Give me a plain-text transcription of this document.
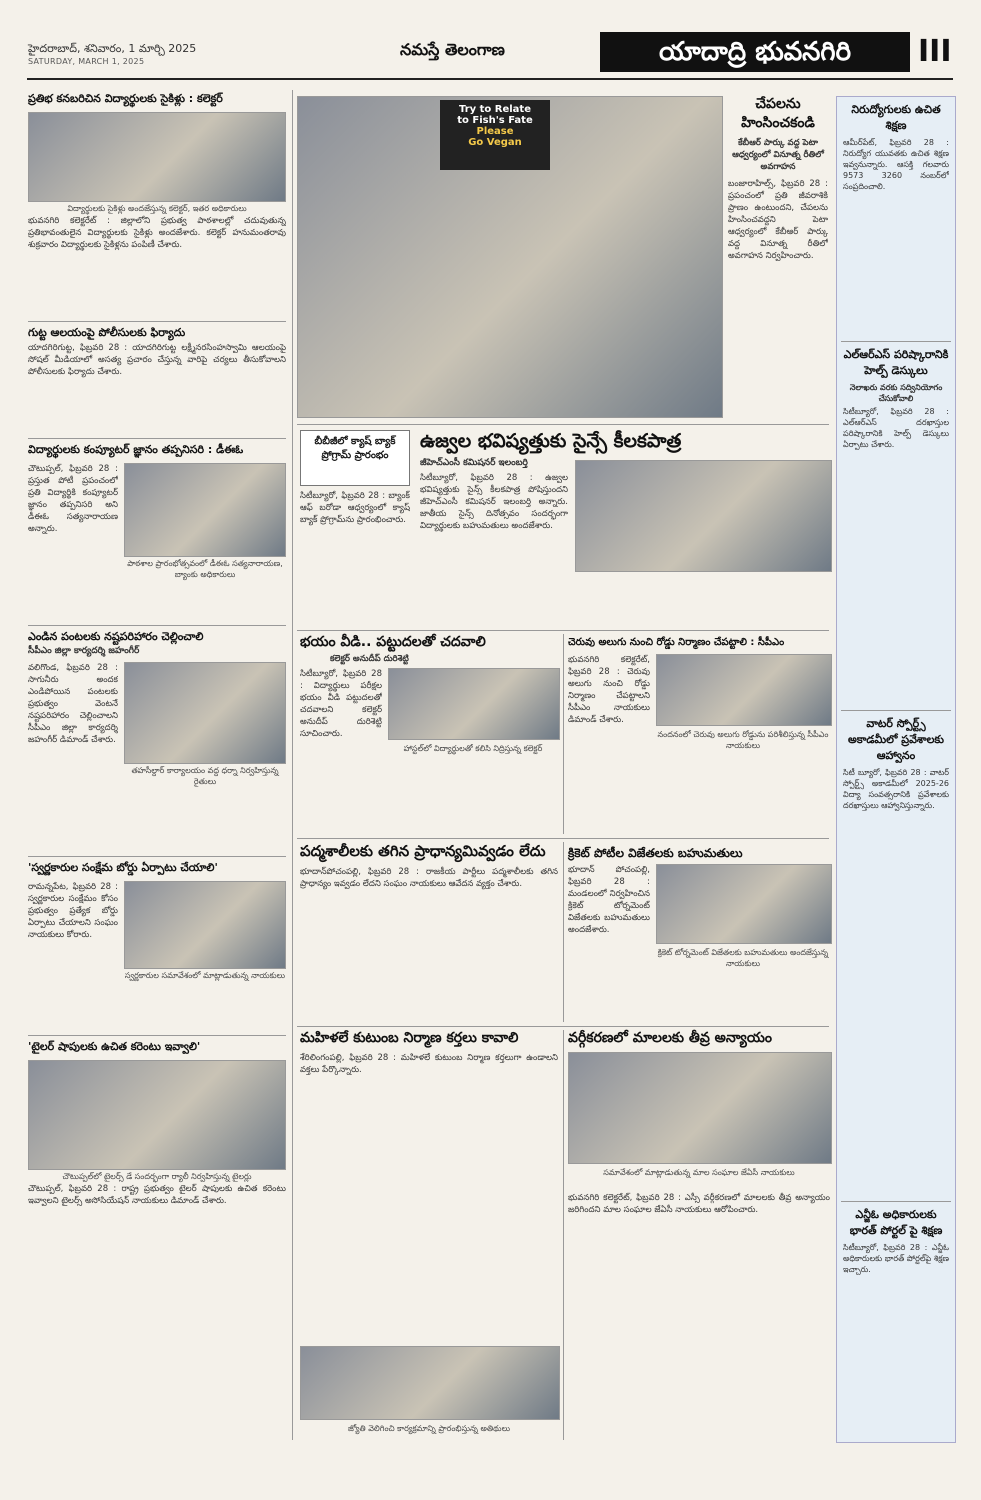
హైదరాబాద్, శనివారం, 1 మార్చి 2025
SATURDAY, MARCH 1, 2025
నమస్తే తెలంగాణ	యాదాద్రి భువనగిరి	III
ప్రతిభ కనబరిచిన విద్యార్థులకు సైకిళ్లు : కలెక్టర్
విద్యార్థులకు సైకిళ్లు అందజేస్తున్న కలెక్టర్, ఇతర అధికారులు
భువనగిరి కలెక్టరేట్ : జిల్లాలోని ప్రభుత్వ పాఠశాలల్లో చదువుతున్న ప్రతిభావంతులైన విద్యార్థులకు సైకిళ్లు అందజేశారు. కలెక్టర్ హనుమంతరావు శుక్రవారం విద్యార్థులకు సైకిళ్లను పంపిణీ చేశారు.
గుట్ట ఆలయంపై పోలీసులకు ఫిర్యాదు
యాదగిరిగుట్ట, ఫిబ్రవరి 28 : యాదగిరిగుట్ట లక్ష్మీనరసింహస్వామి ఆలయంపై సోషల్ మీడియాలో అసత్య ప్రచారం చేస్తున్న వారిపై చర్యలు తీసుకోవాలని పోలీసులకు ఫిర్యాదు చేశారు.
విద్యార్థులకు కంప్యూటర్ జ్ఞానం తప్పనిసరి : డీఈఓ
చౌటుప్పల్, ఫిబ్రవరి 28 : ప్రస్తుత పోటీ ప్రపంచంలో ప్రతి విద్యార్థికి కంప్యూటర్ జ్ఞానం తప్పనిసరి అని డీఈఓ సత్యనారాయణ అన్నారు.
పాఠశాల ప్రారంభోత్సవంలో డీఈఓ సత్యనారాయణ, బ్యాంకు అధికారులు
ఎండిన పంటలకు నష్టపరిహారం చెల్లించాలి
సీపీఎం జిల్లా కార్యదర్శి జహంగీర్
వలిగొండ, ఫిబ్రవరి 28 : సాగునీరు అందక ఎండిపోయిన పంటలకు ప్రభుత్వం వెంటనే నష్టపరిహారం చెల్లించాలని సీపీఎం జిల్లా కార్యదర్శి జహంగీర్ డిమాండ్ చేశారు.
తహసీల్దార్ కార్యాలయం వద్ద ధర్నా నిర్వహిస్తున్న రైతులు
'స్వర్ణకారుల సంక్షేమ బోర్డు ఏర్పాటు చేయాలి'
రామన్నపేట, ఫిబ్రవరి 28 : స్వర్ణకారుల సంక్షేమం కోసం ప్రభుత్వం ప్రత్యేక బోర్డు ఏర్పాటు చేయాలని సంఘం నాయకులు కోరారు.
స్వర్ణకారుల సమావేశంలో మాట్లాడుతున్న నాయకులు
'టైలర్ షాపులకు ఉచిత కరెంటు ఇవ్వాలి'
చౌటుప్పల్‌లో టైలర్స్ డే సందర్భంగా ర్యాలీ నిర్వహిస్తున్న టైలర్లు
చౌటుప్పల్, ఫిబ్రవరి 28 : రాష్ట్ర ప్రభుత్వం టైలర్ షాపులకు ఉచిత కరెంటు ఇవ్వాలని టైలర్స్ అసోసియేషన్ నాయకులు డిమాండ్ చేశారు.
Try to Relate
to Fish's Fate
Please
Go Vegan
చేపలను
హింసించకండి
కేబీఆర్ పార్కు వద్ద పెటా ఆధ్వర్యంలో వినూత్న రీతిలో అవగాహన
బంజారాహిల్స్, ఫిబ్రవరి 28 : ప్రపంచంలో ప్రతి జీవరాశికి ప్రాణం ఉంటుందని, చేపలను హింసించవద్దని పెటా ఆధ్వర్యంలో కేబీఆర్ పార్కు వద్ద వినూత్న రీతిలో అవగాహన నిర్వహించారు.
బీబీజీలో క్యాష్ బ్యాక్ ప్రోగ్రామ్ ప్రారంభం
సిటీబ్యూరో, ఫిబ్రవరి 28 : బ్యాంక్ ఆఫ్ బరోడా ఆధ్వర్యంలో క్యాష్ బ్యాక్ ప్రోగ్రామ్‌ను ప్రారంభించారు.
ఉజ్వల భవిష్యత్తుకు సైన్సే కీలకపాత్ర
జీహెచ్‌ఎంసీ కమిషనర్ ఇలంబర్తి
సిటీబ్యూరో, ఫిబ్రవరి 28 : ఉజ్వల భవిష్యత్తుకు సైన్స్ కీలకపాత్ర పోషిస్తుందని జీహెచ్‌ఎంసీ కమిషనర్ ఇలంబర్తి అన్నారు. జాతీయ సైన్స్ దినోత్సవం సందర్భంగా విద్యార్థులకు బహుమతులు అందజేశారు.
భయం వీడి.. పట్టుదలతో చదవాలి
కలెక్టర్ అనుదీప్ దురిశెట్టి
సిటీబ్యూరో, ఫిబ్రవరి 28 : విద్యార్థులు పరీక్షల భయం వీడి పట్టుదలతో చదవాలని కలెక్టర్ అనుదీప్ దురిశెట్టి సూచించారు.
హాస్టల్‌లో విద్యార్థులతో కలిసి నిద్రిస్తున్న కలెక్టర్
చెరువు అలుగు నుంచి రోడ్డు నిర్మాణం చేపట్టాలి : సీపీఎం
భువనగిరి కలెక్టరేట్, ఫిబ్రవరి 28 : చెరువు అలుగు నుంచి రోడ్డు నిర్మాణం చేపట్టాలని సీపీఎం నాయకులు డిమాండ్ చేశారు.
నందనంలో చెరువు అలుగు రోడ్డును పరిశీలిస్తున్న సీపీఎం నాయకులు
పద్మశాలీలకు తగిన ప్రాధాన్యమివ్వడం లేదు
భూదాన్‌పోచంపల్లి, ఫిబ్రవరి 28 : రాజకీయ పార్టీలు పద్మశాలీలకు తగిన ప్రాధాన్యం ఇవ్వడం లేదని సంఘం నాయకులు ఆవేదన వ్యక్తం చేశారు.
క్రికెట్ పోటీల విజేతలకు బహుమతులు
భూదాన్ పోచంపల్లి, ఫిబ్రవరి 28 : మండలంలో నిర్వహించిన క్రికెట్ టోర్నమెంట్ విజేతలకు బహుమతులు అందజేశారు.
క్రికెట్ టోర్నమెంట్ విజేతలకు బహుమతులు అందజేస్తున్న నాయకులు
మహిళలే కుటుంబ నిర్మాణ కర్తలు కావాలి
శేరిలింగంపల్లి, ఫిబ్రవరి 28 : మహిళలే కుటుంబ నిర్మాణ కర్తలుగా ఉండాలని వక్తలు పేర్కొన్నారు.
జ్యోతి వెలిగించి కార్యక్రమాన్ని ప్రారంభిస్తున్న అతిథులు
వర్గీకరణలో మాలలకు తీవ్ర అన్యాయం
సమావేశంలో మాట్లాడుతున్న మాల సంఘాల జేఏసీ నాయకులు
భువనగిరి కలెక్టరేట్, ఫిబ్రవరి 28 : ఎస్సీ వర్గీకరణలో మాలలకు తీవ్ర అన్యాయం జరిగిందని మాల సంఘాల జేఏసీ నాయకులు ఆరోపించారు.
నిరుద్యోగులకు ఉచిత శిక్షణ
ఆమీర్‌పేట్, ఫిబ్రవరి 28 : నిరుద్యోగ యువతకు ఉచిత శిక్షణ ఇవ్వనున్నారు. ఆసక్తి గలవారు 9573 3260 నంబర్‌లో సంప్రదించాలి.
ఎల్‌ఆర్‌ఎస్ పరిష్కారానికి హెల్ప్ డెస్కులు
నెలాఖరు వరకు సద్వినియోగం చేసుకోవాలి
సిటీబ్యూరో, ఫిబ్రవరి 28 : ఎల్‌ఆర్‌ఎస్ దరఖాస్తుల పరిష్కారానికి హెల్ప్ డెస్కులు ఏర్పాటు చేశారు.
వాటర్ స్పోర్ట్స్ అకాడమీలో ప్రవేశాలకు ఆహ్వానం
సిటీ బ్యూరో, ఫిబ్రవరి 28 : వాటర్ స్పోర్ట్స్ అకాడమీలో 2025-26 విద్యా సంవత్సరానికి ప్రవేశాలకు దరఖాస్తులు ఆహ్వానిస్తున్నారు.
ఎన్జీఓ అధికారులకు భారత్ పోర్టల్ పై శిక్షణ
సిటీబ్యూరో, ఫిబ్రవరి 28 : ఎన్జీఓ అధికారులకు భారత్ పోర్టల్‌పై శిక్షణ ఇచ్చారు.
